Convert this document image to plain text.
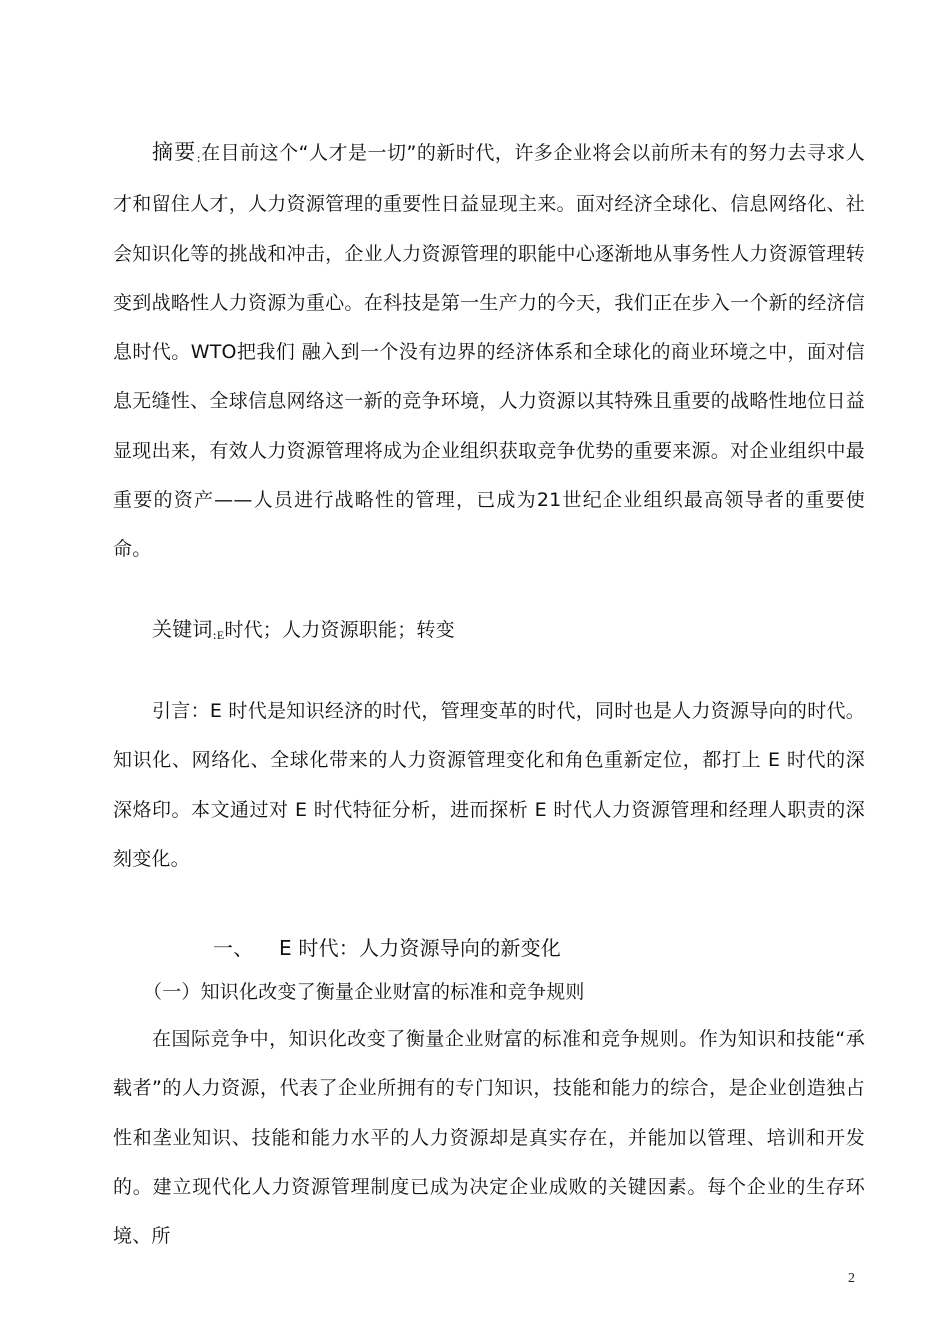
摘要:在目前这个“人才是一切”的新时代，许多企业将会以前所未有的努力去寻求人才和留住人才，人力资源管理的重要性日益显现主来。面对经济全球化、信息网络化、社会知识化等的挑战和冲击，企业人力资源管理的职能中心逐渐地从事务性人力资源管理转变到战略性人力资源为重心。在科技是第一生产力的今天，我们正在步入一个新的经济信息时代。WTO把我们 融入到一个没有边界的经济体系和全球化的商业环境之中，面对信息无缝性、全球信息网络这一新的竞争环境，人力资源以其特殊且重要的战略性地位日益显现出来，有效人力资源管理将成为企业组织获取竞争优势的重要来源。对企业组织中最重要的资产——人员进行战略性的管理，已成为21世纪企业组织最高领导者的重要使命。

关键词:E时代；人力资源职能；转变

引言：E 时代是知识经济的时代，管理变革的时代，同时也是人力资源导向的时代。知识化、网络化、全球化带来的人力资源管理变化和角色重新定位，都打上 E 时代的深深烙印。本文通过对 E 时代特征分析，进而探析 E 时代人力资源管理和经理人职责的深刻变化。

一、 E 时代：人力资源导向的新变化

（一）知识化改变了衡量企业财富的标准和竞争规则

在国际竞争中，知识化改变了衡量企业财富的标准和竞争规则。作为知识和技能“承载者”的人力资源，代表了企业所拥有的专门知识，技能和能力的综合，是企业创造独占性和垄业知识、技能和能力水平的人力资源却是真实存在，并能加以管理、培训和开发的。建立现代化人力资源管理制度已成为决定企业成败的关键因素。每个企业的生存环境、所

2
